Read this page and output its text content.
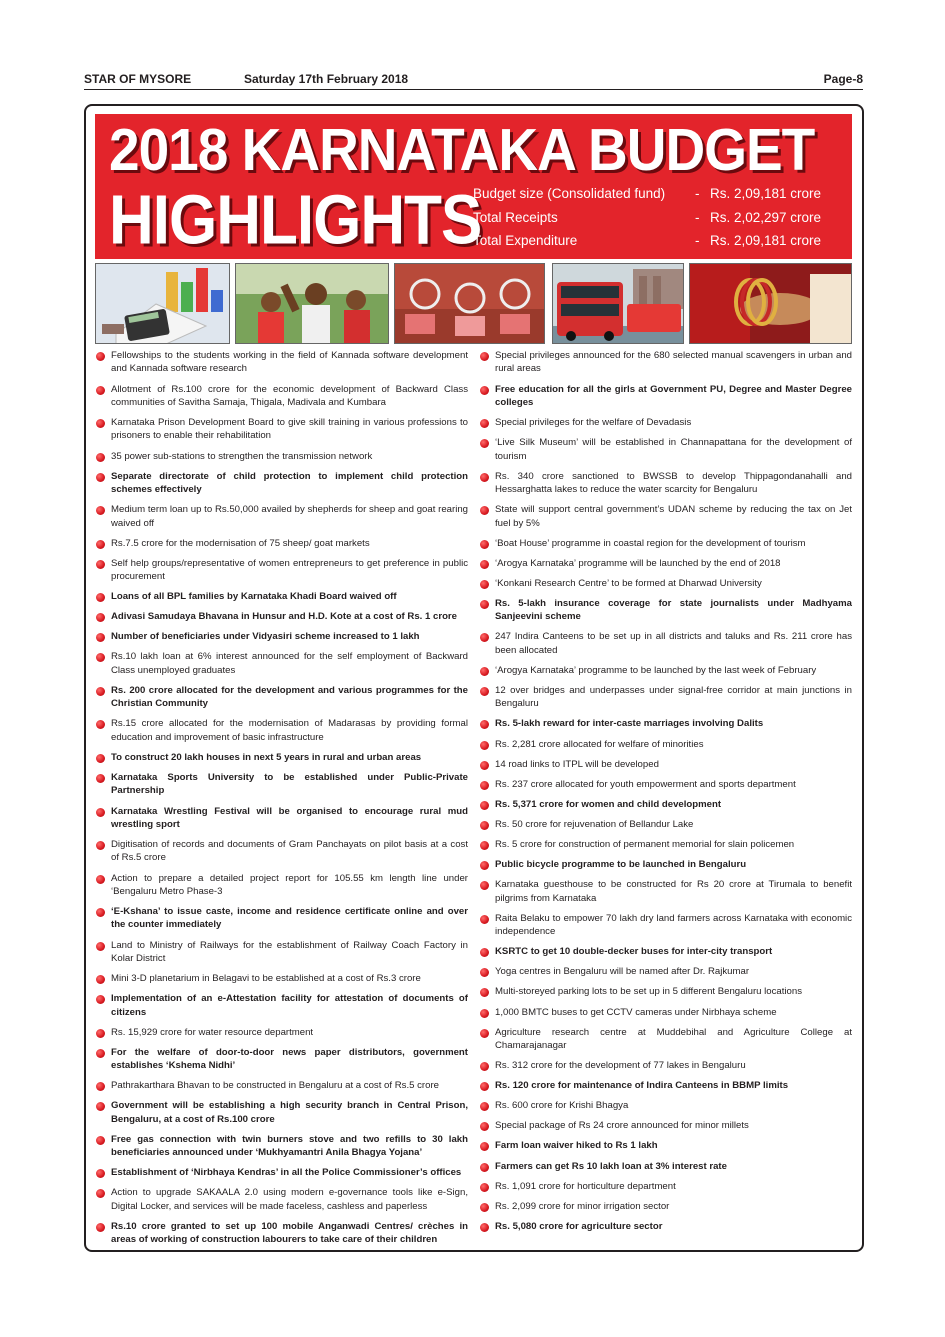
STAR OF MYSORE	Saturday 17th February 2018	Page-8
2018 KARNATAKA BUDGET
HIGHLIGHTS
Budget size (Consolidated fund) - Rs. 2,09,181 crore
Total Receipts	- Rs. 2,02,297 crore
Total Expenditure	- Rs. 2,09,181 crore
Fellowships to the students working in the field of Kannada software development and Kannada software research
Allotment of Rs.100 crore for the economic development of Backward Class communities of Savitha Samaja, Thigala, Madivala and Kumbara
Karnataka Prison Development Board to give skill training in various professions to prisoners to enable their rehabilitation
35 power sub-stations to strengthen the transmission network
Separate directorate of child protection to implement child protection schemes effectively
Medium term loan up to Rs.50,000 availed by shepherds for sheep and goat rearing waived off
Rs.7.5 crore for the modernisation of 75 sheep/ goat markets
Self help groups/representative of women entrepreneurs to get preference in public procurement
Loans of all BPL families by Karnataka Khadi Board waived off
Adivasi Samudaya Bhavana in Hunsur and H.D. Kote at a cost of Rs. 1 crore
Number of beneficiaries under Vidyasiri scheme increased to 1 lakh
Rs.10 lakh loan at 6% interest announced for the self employment of Backward Class unemployed graduates
Rs. 200 crore allocated for the development and various programmes for the Christian Community
Rs.15 crore allocated for the modernisation of Madarasas by providing formal education and improvement of basic infrastructure
To construct 20 lakh houses in next 5 years in rural and urban areas
Karnataka Sports University to be established under Public-Private Partnership
Karnataka Wrestling Festival will be organised to encourage rural mud wrestling sport
Digitisation of records and documents of Gram Panchayats on pilot basis at a cost of Rs.5 crore
Action to prepare a detailed project report for 105.55 km length line under ‘Bengaluru Metro Phase-3
‘E-Kshana’ to issue caste, income and residence certificate online and over the counter immediately
Land to Ministry of Railways for the establishment of Railway Coach Factory in Kolar District
Mini 3-D planetarium in Belagavi to be established at a cost of Rs.3 crore
Implementation of an e-Attestation facility for attestation of documents of citizens
Rs. 15,929 crore for water resource department
For the welfare of door-to-door news paper distributors, government establishes ‘Kshema Nidhi’
Pathrakarthara Bhavan to be constructed in Bengaluru at a cost of Rs.5 crore
Government will be establishing a high security branch in Central Prison, Bengaluru, at a cost of Rs.100 crore
Free gas connection with twin burners stove and two refills to 30 lakh beneficiaries announced under ‘Mukhyamantri Anila Bhagya Yojana’
Establishment of ‘Nirbhaya Kendras’ in all the Police Commissioner’s offices
Action to upgrade SAKAALA 2.0 using modern e-governance tools like e-Sign, Digital Locker, and services will be made faceless, cashless and paperless
Rs.10 crore granted to set up 100 mobile Anganwadi Centres/ crèches in areas of working of construction labourers to take care of their children
Special privileges announced for the 680 selected manual scavengers in urban and rural areas
Free education for all the girls at Government PU, Degree and Master Degree colleges
Special privileges for the welfare of Devadasis
‘Live Silk Museum’ will be established in Channapattana for the development of tourism
Rs. 340 crore sanctioned to BWSSB to develop Thippagondanahalli and Hessarghatta lakes to reduce the water scarcity for Bengaluru
State will support central government’s UDAN scheme by reducing the tax on Jet fuel by 5%
‘Boat House’ programme in coastal region for the development of tourism
‘Arogya Karnataka’ programme will be launched by the end of 2018
‘Konkani Research Centre’ to be formed at Dharwad University
Rs. 5-lakh insurance coverage for state journalists under Madhyama Sanjeevini scheme
247 Indira Canteens to be set up in all districts and taluks and Rs. 211 crore has been allocated
‘Arogya Karnataka’ programme to be launched by the last week of February
12 over bridges and underpasses under signal-free corridor at main junctions in Bengaluru
Rs. 5-lakh reward for inter-caste marriages involving Dalits
Rs. 2,281 crore allocated for welfare of minorities
14 road links to ITPL will be developed
Rs. 237 crore allocated for youth empowerment and sports department
Rs. 5,371 crore for women and child development
Rs. 50 crore for rejuvenation of Bellandur Lake
Rs. 5 crore for construction of permanent memorial for slain policemen
Public bicycle programme to be launched in Bengaluru
Karnataka guesthouse to be constructed for Rs 20 crore at Tirumala to benefit pilgrims from Karnataka
Raita Belaku to empower 70 lakh dry land farmers across Karnataka with economic independence
KSRTC to get 10 double-decker buses for inter-city transport
Yoga centres in Bengaluru will be named after Dr. Rajkumar
Multi-storeyed parking lots to be set up in 5 different Bengaluru locations
1,000 BMTC buses to get CCTV cameras under Nirbhaya scheme
Agriculture research centre at Muddebihal and Agriculture College at Chamarajanagar
Rs. 312 crore for the development of 77 lakes in Bengaluru
Rs. 120 crore for maintenance of Indira Canteens in BBMP limits
Rs. 600 crore for Krishi Bhagya
Special package of Rs 24 crore announced for minor millets
Farm loan waiver hiked to Rs 1 lakh
Farmers can get Rs 10 lakh loan at 3% interest rate
Rs. 1,091 crore for horticulture department
Rs. 2,099 crore for minor irrigation sector
Rs. 5,080 crore for agriculture sector
